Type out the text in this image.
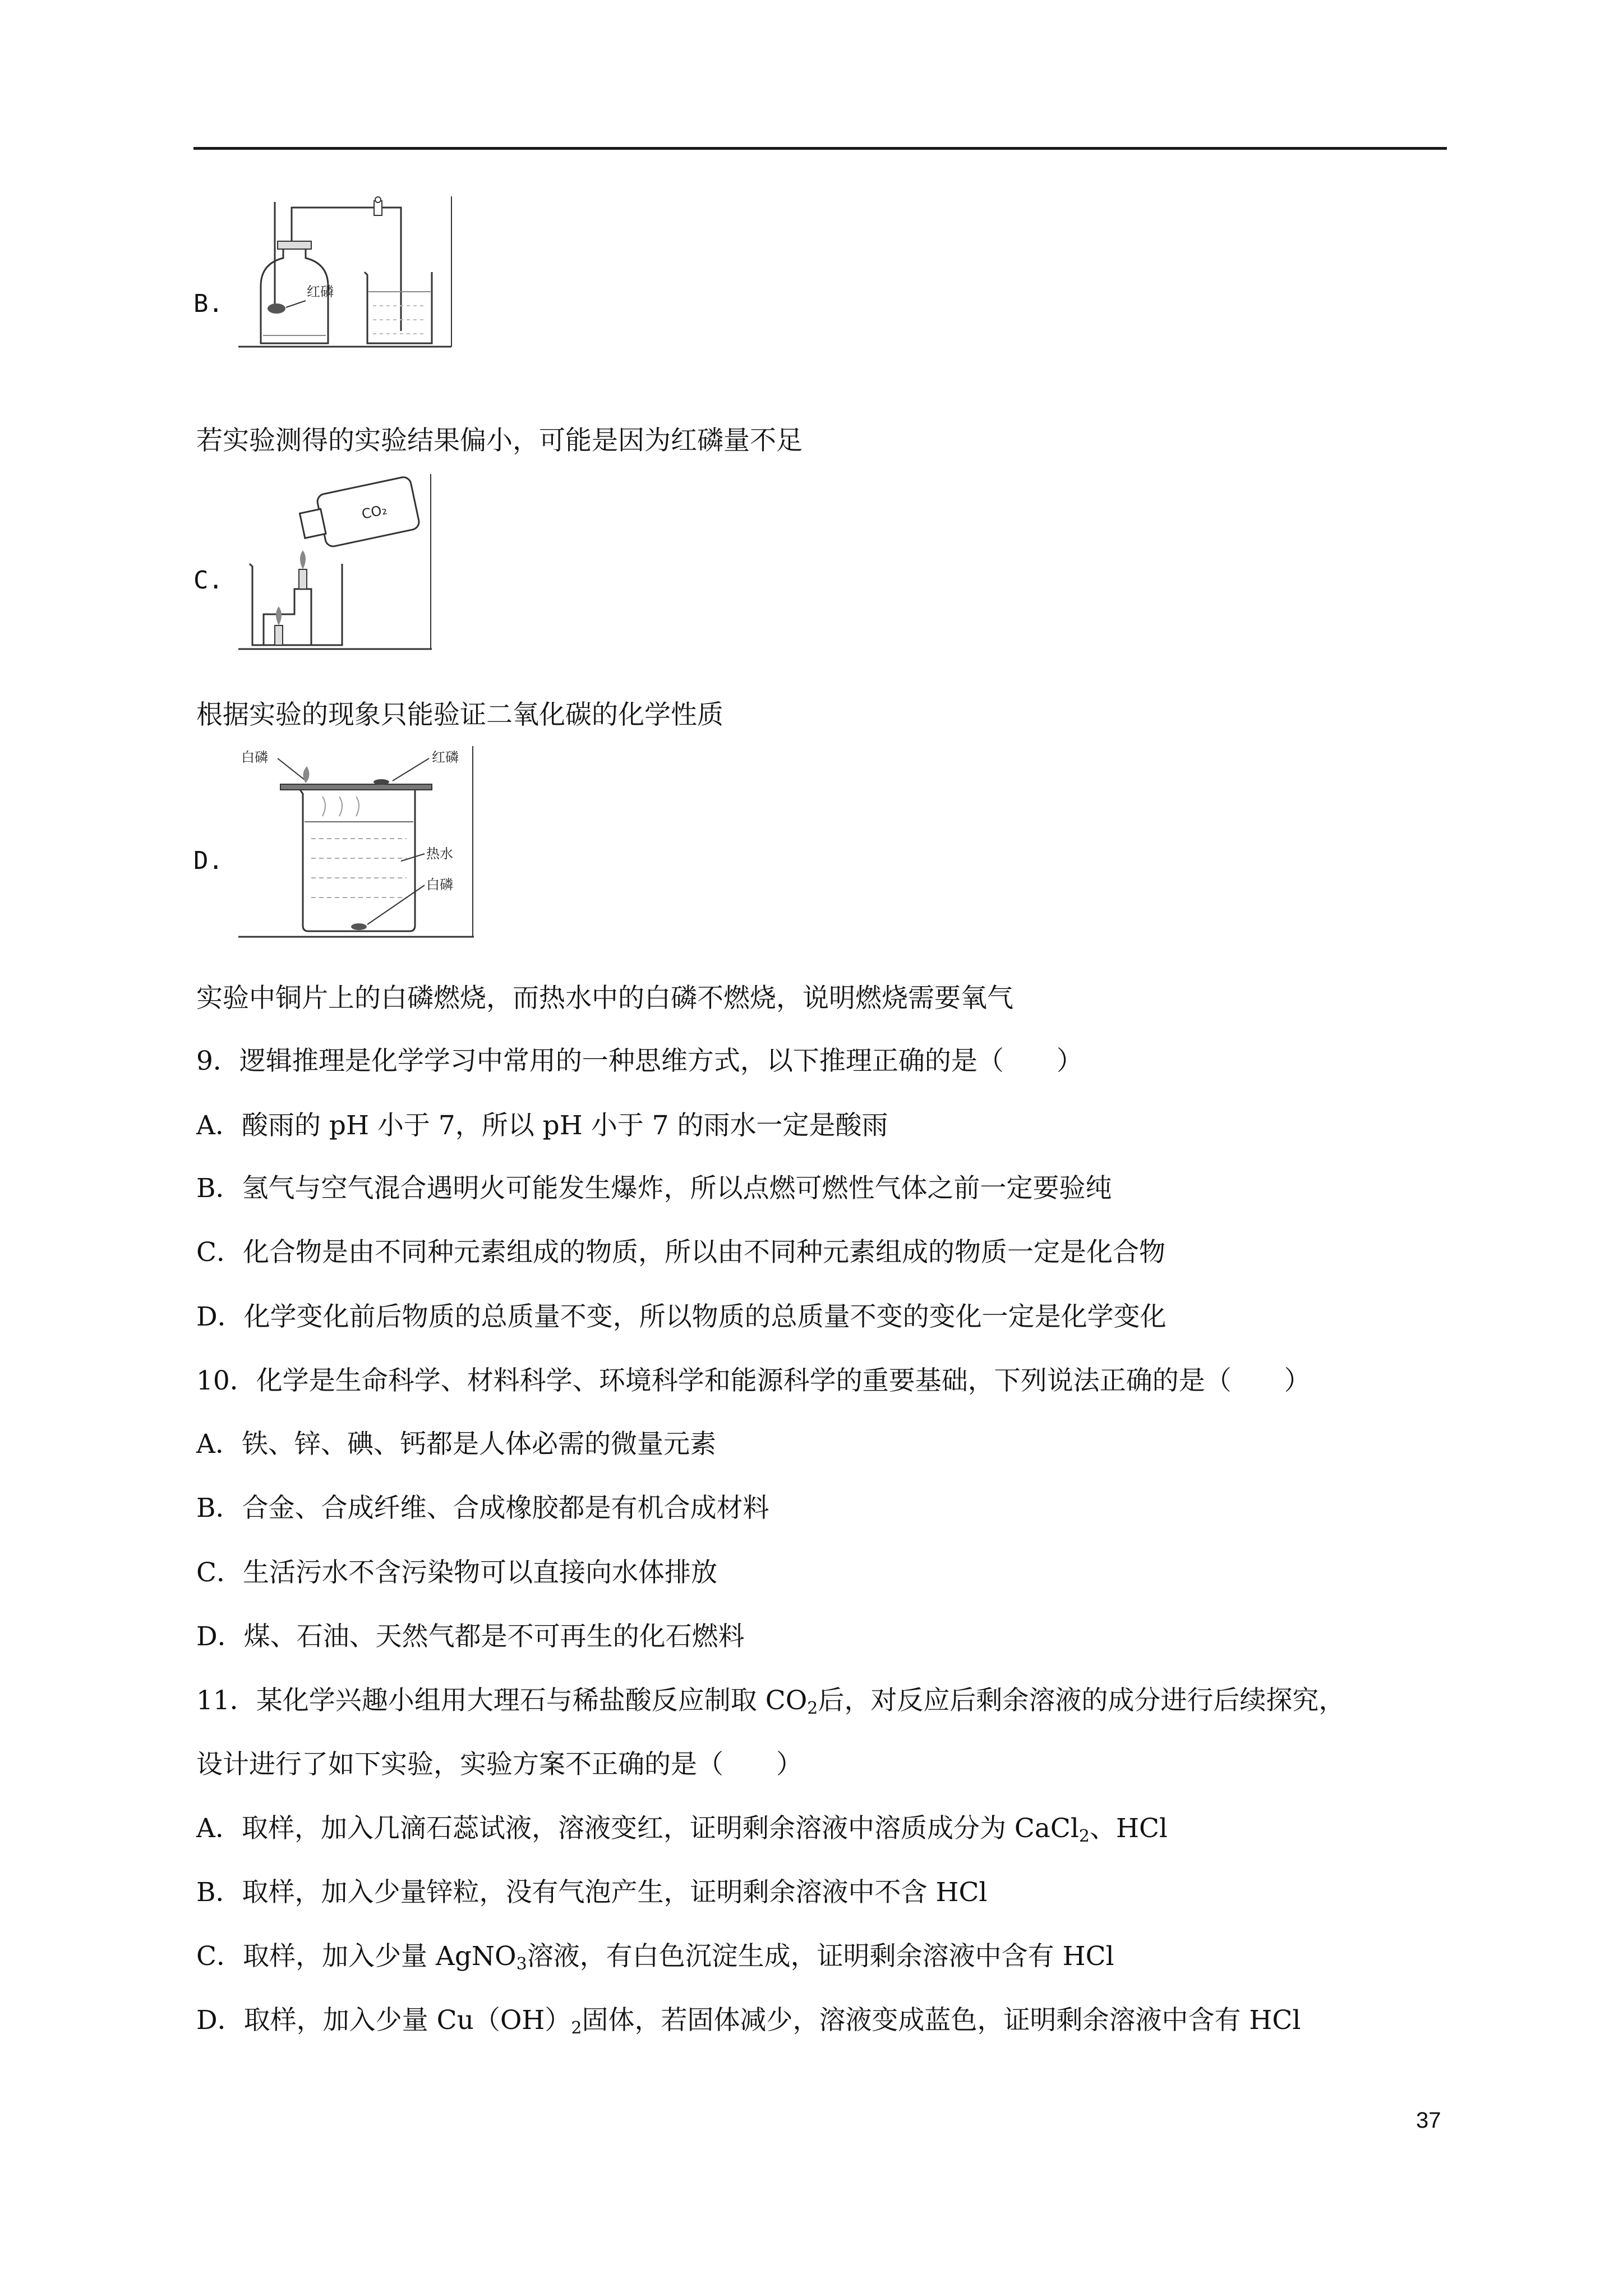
B.	红磷
若实验测得的实验结果偏小，可能是因为红磷量不足
C.
CO₂
根据实验的现象只能验证二氧化碳的化学性质
D.
白磷	红磷
热水
白磷
实验中铜片上的白磷燃烧，而热水中的白磷不燃烧，说明燃烧需要氧气
9．逻辑推理是化学学习中常用的一种思维方式，以下推理正确的是（　　）
A．酸雨的 pH 小于 7，所以 pH 小于 7 的雨水一定是酸雨
B．氢气与空气混合遇明火可能发生爆炸，所以点燃可燃性气体之前一定要验纯
C．化合物是由不同种元素组成的物质，所以由不同种元素组成的物质一定是化合物
D．化学变化前后物质的总质量不变，所以物质的总质量不变的变化一定是化学变化
10．化学是生命科学、材料科学、环境科学和能源科学的重要基础，下列说法正确的是（　　）
A．铁、锌、碘、钙都是人体必需的微量元素
B．合金、合成纤维、合成橡胶都是有机合成材料
C．生活污水不含污染物可以直接向水体排放
D．煤、石油、天然气都是不可再生的化石燃料
11．某化学兴趣小组用大理石与稀盐酸反应制取 $CO_2$后，对反应后剩余溶液的成分进行后续探究，
设计进行了如下实验，实验方案不正确的是（　　）
A．取样，加入几滴石蕊试液，溶液变红，证明剩余溶液中溶质成分为 CaCl$_2$、HCl
B．取样，加入少量锌粒，没有气泡产生，证明剩余溶液中不含 HCl
C．取样，加入少量 AgNO$_3$溶液，有白色沉淀生成，证明剩余溶液中含有 HCl
D．取样，加入少量 $Cu(OH)_2$固体，若固体减少，溶液变成蓝色，证明剩余溶液中含有 HCl
37
